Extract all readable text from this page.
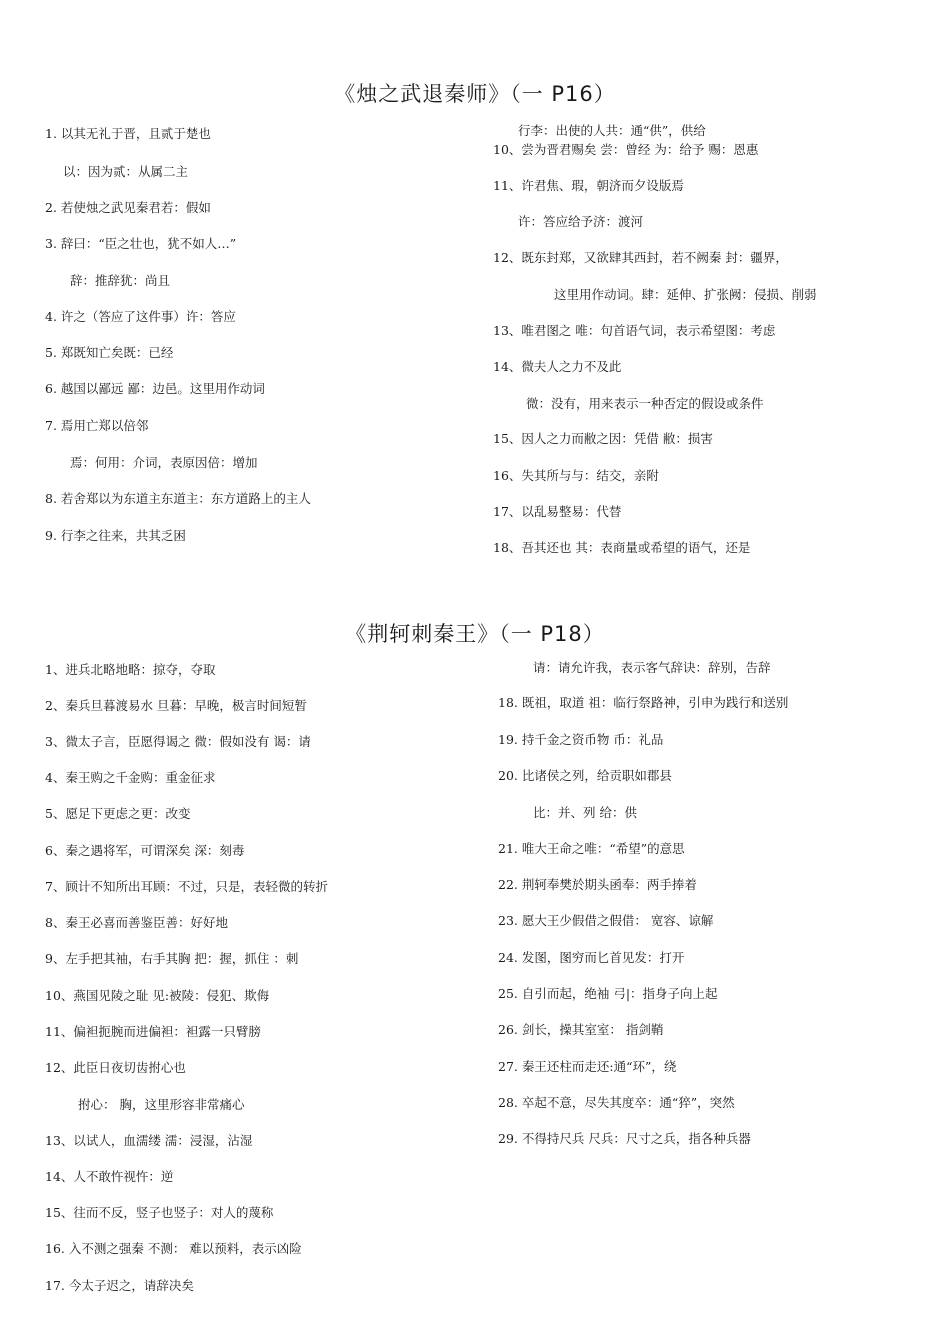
《烛之武退秦师》（一 P16）
1. 以其无礼于晋，且贰于楚也
以：因为贰：从属二主
2. 若使烛之武见秦君若：假如
3. 辞曰：“臣之壮也，犹不如人…”
辞：推辞犹：尚且
4. 许之（答应了这件事）许：答应
5. 郑既知亡矣既：已经
6. 越国以鄙远 鄙：边邑。这里用作动词
7. 焉用亡郑以倍邻
焉：何用：介词，表原因倍：增加
8. 若舍郑以为东道主东道主：东方道路上的主人
9. 行李之往来，共其乏困
行李：出使的人共：通“供”，供给
10、尝为晋君赐矣 尝：曾经 为：给予 赐：恩惠
11、许君焦、瑕，朝济而夕设版焉
许：答应给予济：渡河
12、既东封郑，又欲肆其西封，若不阙秦 封：疆界，
这里用作动词。肆：延伸、扩张阙：侵损、削弱
13、唯君图之 唯：句首语气词，表示希望图：考虑
14、微夫人之力不及此
微：没有，用来表示一种否定的假设或条件
15、因人之力而敝之因：凭借 敝：损害
16、失其所与与：结交，亲附
17、以乱易整易：代替
18、吾其还也 其：表商量或希望的语气，还是
《荆轲刺秦王》（一 P18）
1、进兵北略地略：掠夺，夺取
2、秦兵旦暮渡易水 旦暮：早晚，极言时间短暂
3、微太子言，臣愿得谒之 微：假如没有 谒：请
4、秦王购之千金购：重金征求
5、愿足下更虑之更：改变
6、秦之遇将军，可谓深矣 深：刻毒
7、顾计不知所出耳顾：不过，只是，表轻微的转折
8、秦王必喜而善鉴臣善：好好地
9、左手把其袖，右手其胸 把：握，抓住 ：刺
10、燕国见陵之耻 见:被陵：侵犯、欺侮
11、偏袒扼腕而进偏袒：袒露一只臂膀
12、此臣日夜切齿拊心也
拊心： 胸，这里形容非常痛心
13、以试人，血濡缕 濡：浸湿，沾湿
14、人不敢忤视忤：逆
15、往而不反，竖子也竖子：对人的蔑称
16. 入不测之强秦 不测： 难以预料，表示凶险
17. 今太子迟之，请辞决矣
请：请允许我，表示客气辞诀：辞别，告辞
18. 既祖，取道 祖：临行祭路神，引申为践行和送别
19. 持千金之资币物 币：礼品
20. 比诸侯之列，给贡职如郡县
比：并、列 给：供
21. 唯大王命之唯：“希望”的意思
22. 荆轲奉樊於期头函奉：两手捧着
23. 愿大王少假借之假借： 宽容、谅解
24. 发图，图穷而匕首见发：打开
25. 自引而起，绝袖 弓|：指身子向上起
26. 剑长，操其室室： 指剑鞘
27. 秦王还柱而走还:通“环”，绕
28. 卒起不意，尽失其度卒：通“猝”，突然
29. 不得持尺兵 尺兵：尺寸之兵，指各种兵器
